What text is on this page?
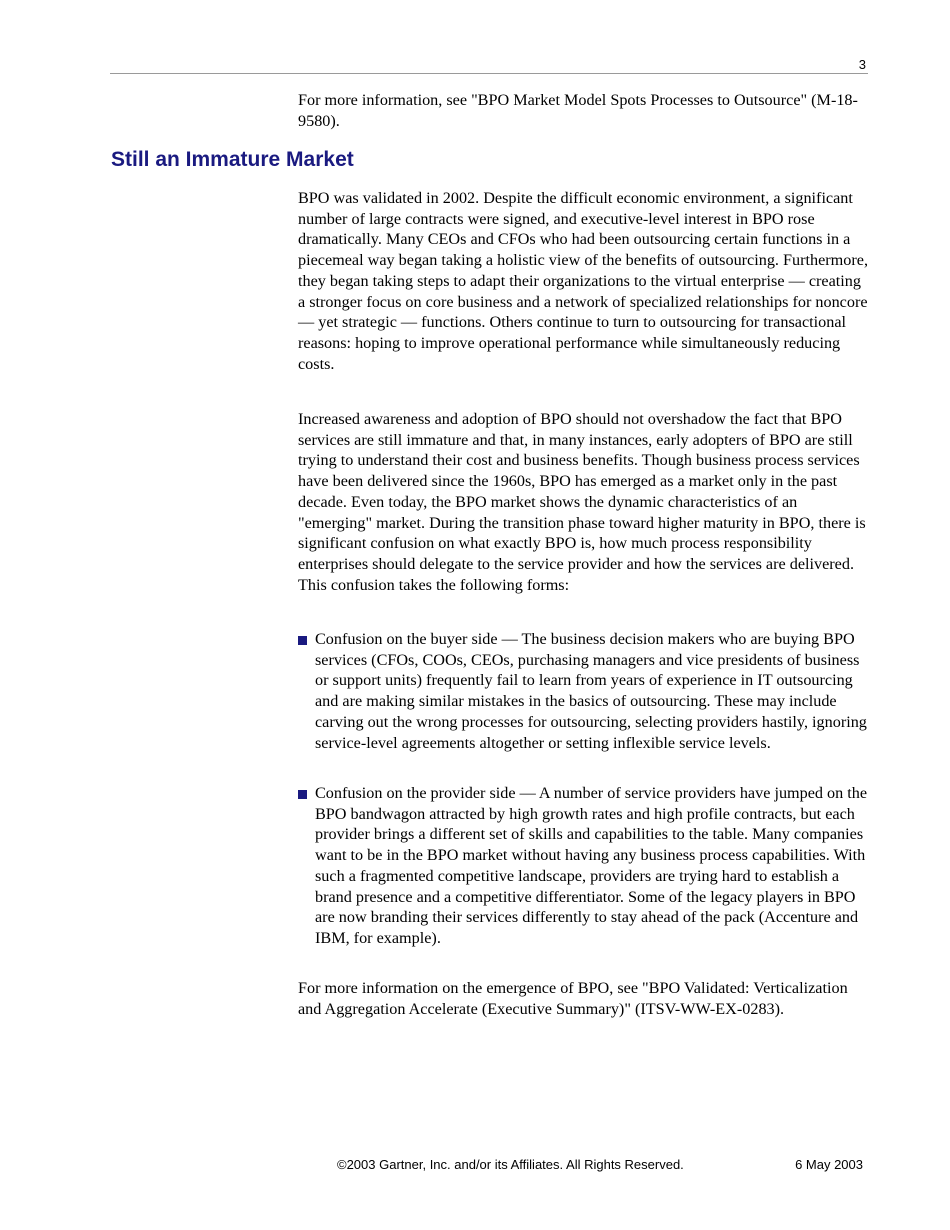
3

For more information, see "BPO Market Model Spots Processes to Outsource" (M-18-9580).

Still an Immature Market

BPO was validated in 2002. Despite the difficult economic environment, a significant number of large contracts were signed, and executive-level interest in BPO rose dramatically. Many CEOs and CFOs who had been outsourcing certain functions in a piecemeal way began taking a holistic view of the benefits of outsourcing. Furthermore, they began taking steps to adapt their organizations to the virtual enterprise — creating a stronger focus on core business and a network of specialized relationships for noncore — yet strategic — functions. Others continue to turn to outsourcing for transactional reasons: hoping to improve operational performance while simultaneously reducing costs.

Increased awareness and adoption of BPO should not overshadow the fact that BPO services are still immature and that, in many instances, early adopters of BPO are still trying to understand their cost and business benefits. Though business process services have been delivered since the 1960s, BPO has emerged as a market only in the past decade. Even today, the BPO market shows the dynamic characteristics of an "emerging" market. During the transition phase toward higher maturity in BPO, there is significant confusion on what exactly BPO is, how much process responsibility enterprises should delegate to the service provider and how the services are delivered. This confusion takes the following forms:

Confusion on the buyer side — The business decision makers who are buying BPO services (CFOs, COOs, CEOs, purchasing managers and vice presidents of business or support units) frequently fail to learn from years of experience in IT outsourcing and are making similar mistakes in the basics of outsourcing. These may include carving out the wrong processes for outsourcing, selecting providers hastily, ignoring service-level agreements altogether or setting inflexible service levels.
Confusion on the provider side — A number of service providers have jumped on the BPO bandwagon attracted by high growth rates and high profile contracts, but each provider brings a different set of skills and capabilities to the table. Many companies want to be in the BPO market without having any business process capabilities. With such a fragmented competitive landscape, providers are trying hard to establish a brand presence and a competitive differentiator. Some of the legacy players in BPO are now branding their services differently to stay ahead of the pack (Accenture and IBM, for example).

For more information on the emergence of BPO, see "BPO Validated: Verticalization and Aggregation Accelerate (Executive Summary)" (ITSV-WW-EX-0283).

©2003 Gartner, Inc. and/or its Affiliates. All Rights Reserved.	6 May 2003
